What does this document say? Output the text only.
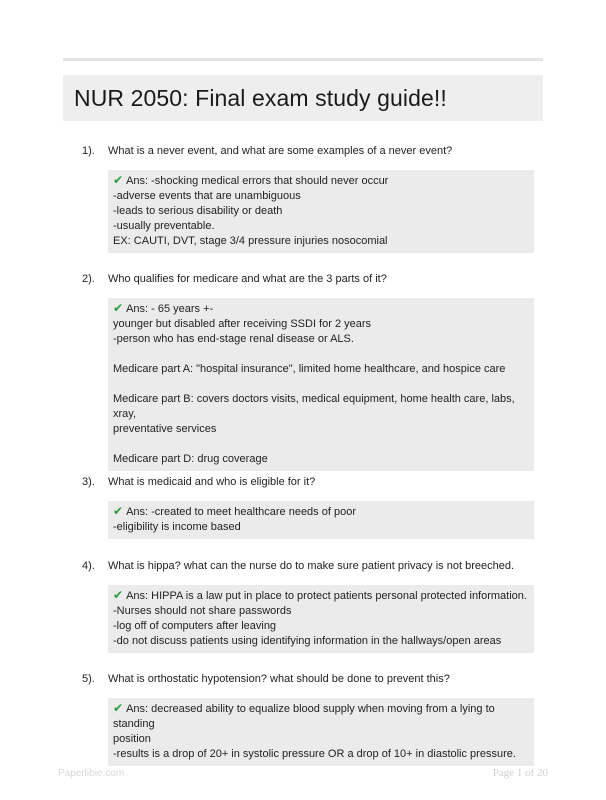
NUR 2050: Final exam study guide!!
1). What is a never event, and what are some examples of a never event?
✔ Ans: -shocking medical errors that should never occur
-adverse events that are unambiguous
-leads to serious disability or death
-usually preventable.
EX: CAUTI, DVT, stage 3/4 pressure injuries nosocomial
2). Who qualifies for medicare and what are the 3 parts of it?
✔ Ans: - 65 years +-
younger but disabled after receiving SSDI for 2 years
-person who has end-stage renal disease or ALS.
Medicare part A: "hospital insurance", limited home healthcare, and hospice care
Medicare part B: covers doctors visits, medical equipment, home health care, labs, xray,
preventative services
Medicare part D: drug coverage
3). What is medicaid and who is eligible for it?
✔ Ans: -created to meet healthcare needs of poor
-eligibility is income based
4). What is hippa? what can the nurse do to make sure patient privacy is not breeched.
✔ Ans: HIPPA is a law put in place to protect patients personal protected information.
-Nurses should not share passwords
-log off of computers after leaving
-do not discuss patients using identifying information in the hallways/open areas
5). What is orthostatic hypotension? what should be done to prevent this?
✔ Ans: decreased ability to equalize blood supply when moving from a lying to standing
position
-results is a drop of 20+ in systolic pressure OR a drop of 10+ in diastolic pressure.
Paperlibie.com	Page 1 of 20
